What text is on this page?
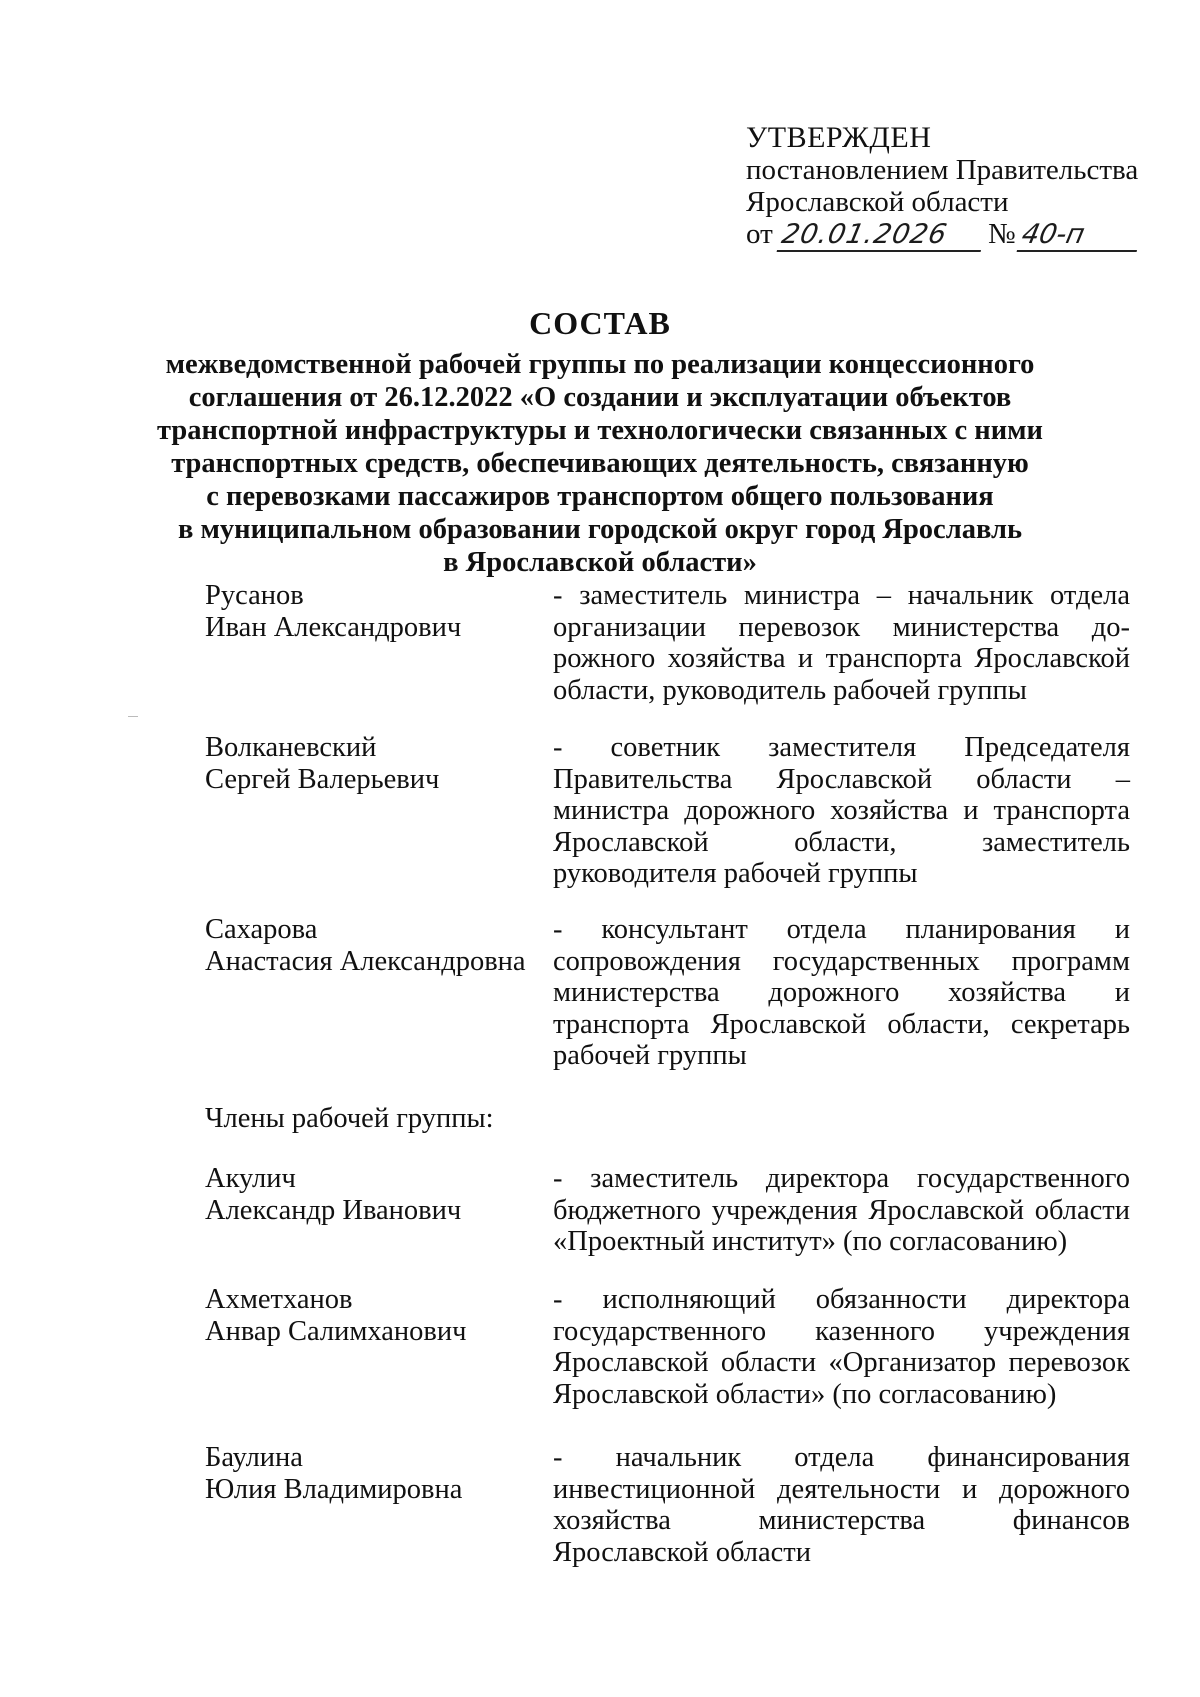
УТВЕРЖДЕН
постановлением Правительства
Ярославской области
от 20.01.2026 № 40-п
СОСТАВ
межведомственной рабочей группы по реализации концессионного
соглашения от 26.12.2022 «О создании и эксплуатации объектов
транспортной инфраструктуры и технологически связанных с ними
транспортных средств, обеспечивающих деятельность, связанную
с перевозками пассажиров транспортом общего пользования
в муниципальном образовании городской округ город Ярославль
в Ярославской области»
Русанов
Иван Александрович
- заместитель министра – начальник отдела организации перевозок министерства дорожного хозяйства и транспорта Ярославской области, руководитель рабочей группы
Волканевский
Сергей Валерьевич
- советник заместителя Председателя Правительства Ярославской области – министра дорожного хозяйства и транспорта Ярославской области, заместитель руководителя рабочей группы
Сахарова
Анастасия Александровна
- консультант отдела планирования и сопровождения государственных программ министерства дорожного хозяйства и транспорта Ярославской области, секретарь рабочей группы
Члены рабочей группы:
Акулич
Александр Иванович
- заместитель директора государственного бюджетного учреждения Ярославской области «Проектный институт» (по согласованию)
Ахметханов
Анвар Салимханович
- исполняющий обязанности директора государственного казенного учреждения Ярославской области «Организатор перевозок Ярославской области» (по согласованию)
Баулина
Юлия Владимировна
- начальник отдела финансирования инвестиционной деятельности и дорожного хозяйства министерства финансов Ярославской области
